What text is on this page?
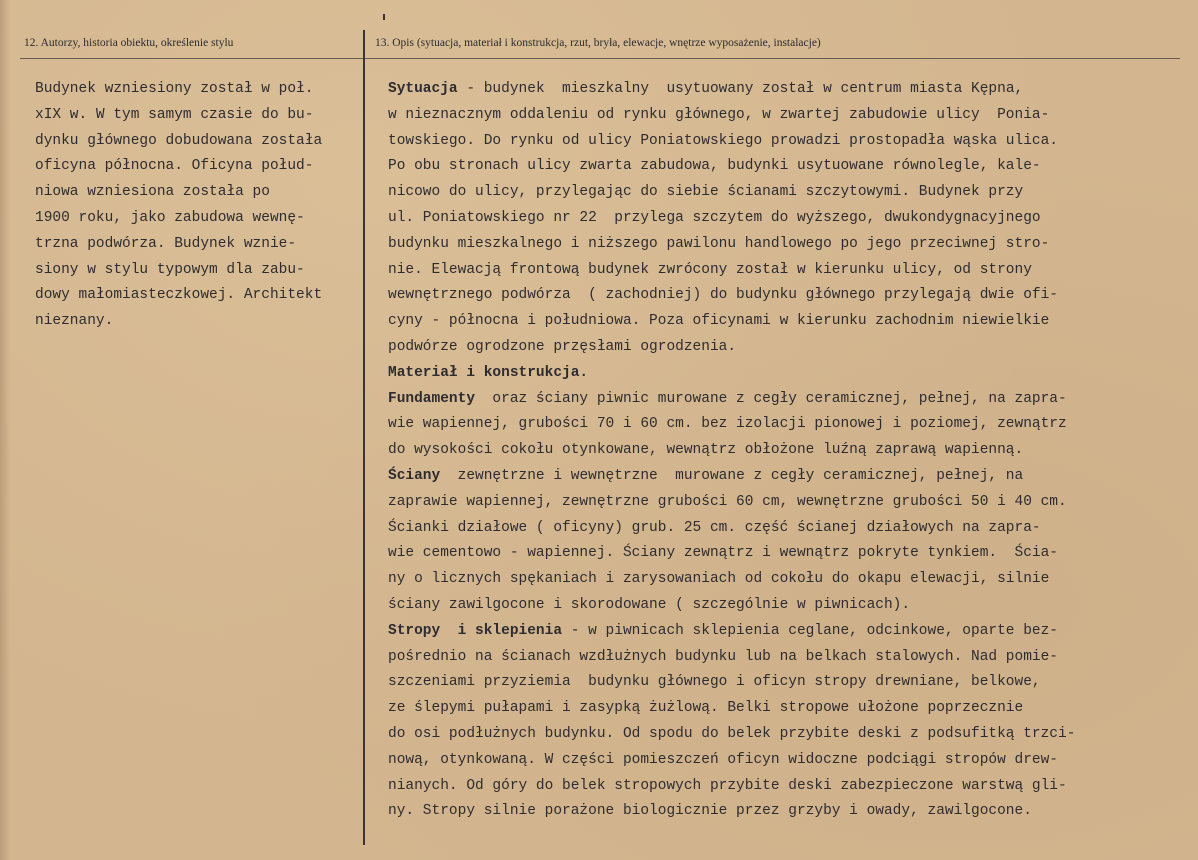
12. Autorzy, historia obiektu, określenie stylu	13. Opis (sytuacja, materiał i konstrukcja, rzut, bryła, elewacje, wnętrze wyposażenie, instalacje)
Budynek wzniesiony został w poł.
xIX w. W tym samym czasie do bu-
dynku głównego dobudowana została
oficyna północna. Oficyna połud-
niowa wzniesiona została po
1900 roku, jako zabudowa wewnę-
trzna podwórza. Budynek wznie-
siony w stylu typowym dla zabu-
dowy małomiasteczkowej. Architekt
nieznany.
Sytuacja - budynek  mieszkalny  usytuowany został w centrum miasta Kępna,
w nieznacznym oddaleniu od rynku głównego, w zwartej zabudowie ulicy  Ponia-
towskiego. Do rynku od ulicy Poniatowskiego prowadzi prostopadła wąska ulica.
Po obu stronach ulicy zwarta zabudowa, budynki usytuowane równolegle, kale-
nicowo do ulicy, przylegając do siebie ścianami szczytowymi. Budynek przy
ul. Poniatowskiego nr 22  przylega szczytem do wyższego, dwukondygnacyjnego
budynku mieszkalnego i niższego pawilonu handlowego po jego przeciwnej stro-
nie. Elewacją frontową budynek zwrócony został w kierunku ulicy, od strony
wewnętrznego podwórza  ( zachodniej) do budynku głównego przylegają dwie ofi-
cyny - północna i południowa. Poza oficynami w kierunku zachodnim niewielkie
podwórze ogrodzone przęsłami ogrodzenia.
Materiał i konstrukcja.
Fundamenty  oraz ściany piwnic murowane z cegły ceramicznej, pełnej, na zapra-
wie wapiennej, grubości 70 i 60 cm. bez izolacji pionowej i poziomej, zewnątrz
do wysokości cokołu otynkowane, wewnątrz obłożone luźną zaprawą wapienną.
Ściany  zewnętrzne i wewnętrzne  murowane z cegły ceramicznej, pełnej, na
zaprawie wapiennej, zewnętrzne grubości 60 cm, wewnętrzne grubości 50 i 40 cm.
Ścianki działowe ( oficyny) grub. 25 cm. część ścianej działowych na zapra-
wie cementowo - wapiennej. Ściany zewnątrz i wewnątrz pokryte tynkiem.  Ścia-
ny o licznych spękaniach i zarysowaniach od cokołu do okapu elewacji, silnie
ściany zawilgocone i skorodowane ( szczególnie w piwnicach).
Stropy  i sklepienia - w piwnicach sklepienia ceglane, odcinkowe, oparte bez-
pośrednio na ścianach wzdłużnych budynku lub na belkach stalowych. Nad pomie-
szczeniami przyziemia  budynku głównego i oficyn stropy drewniane, belkowe,
ze ślepymi pułapami i zasypką żużlową. Belki stropowe ułożone poprzecznie
do osi podłużnych budynku. Od spodu do belek przybite deski z podsufitką trzci-
nową, otynkowaną. W części pomieszczeń oficyn widoczne podciągi stropów drew-
nianych. Od góry do belek stropowych przybite deski zabezpieczone warstwą gli-
ny. Stropy silnie porażone biologicznie przez grzyby i owady, zawilgocone.
